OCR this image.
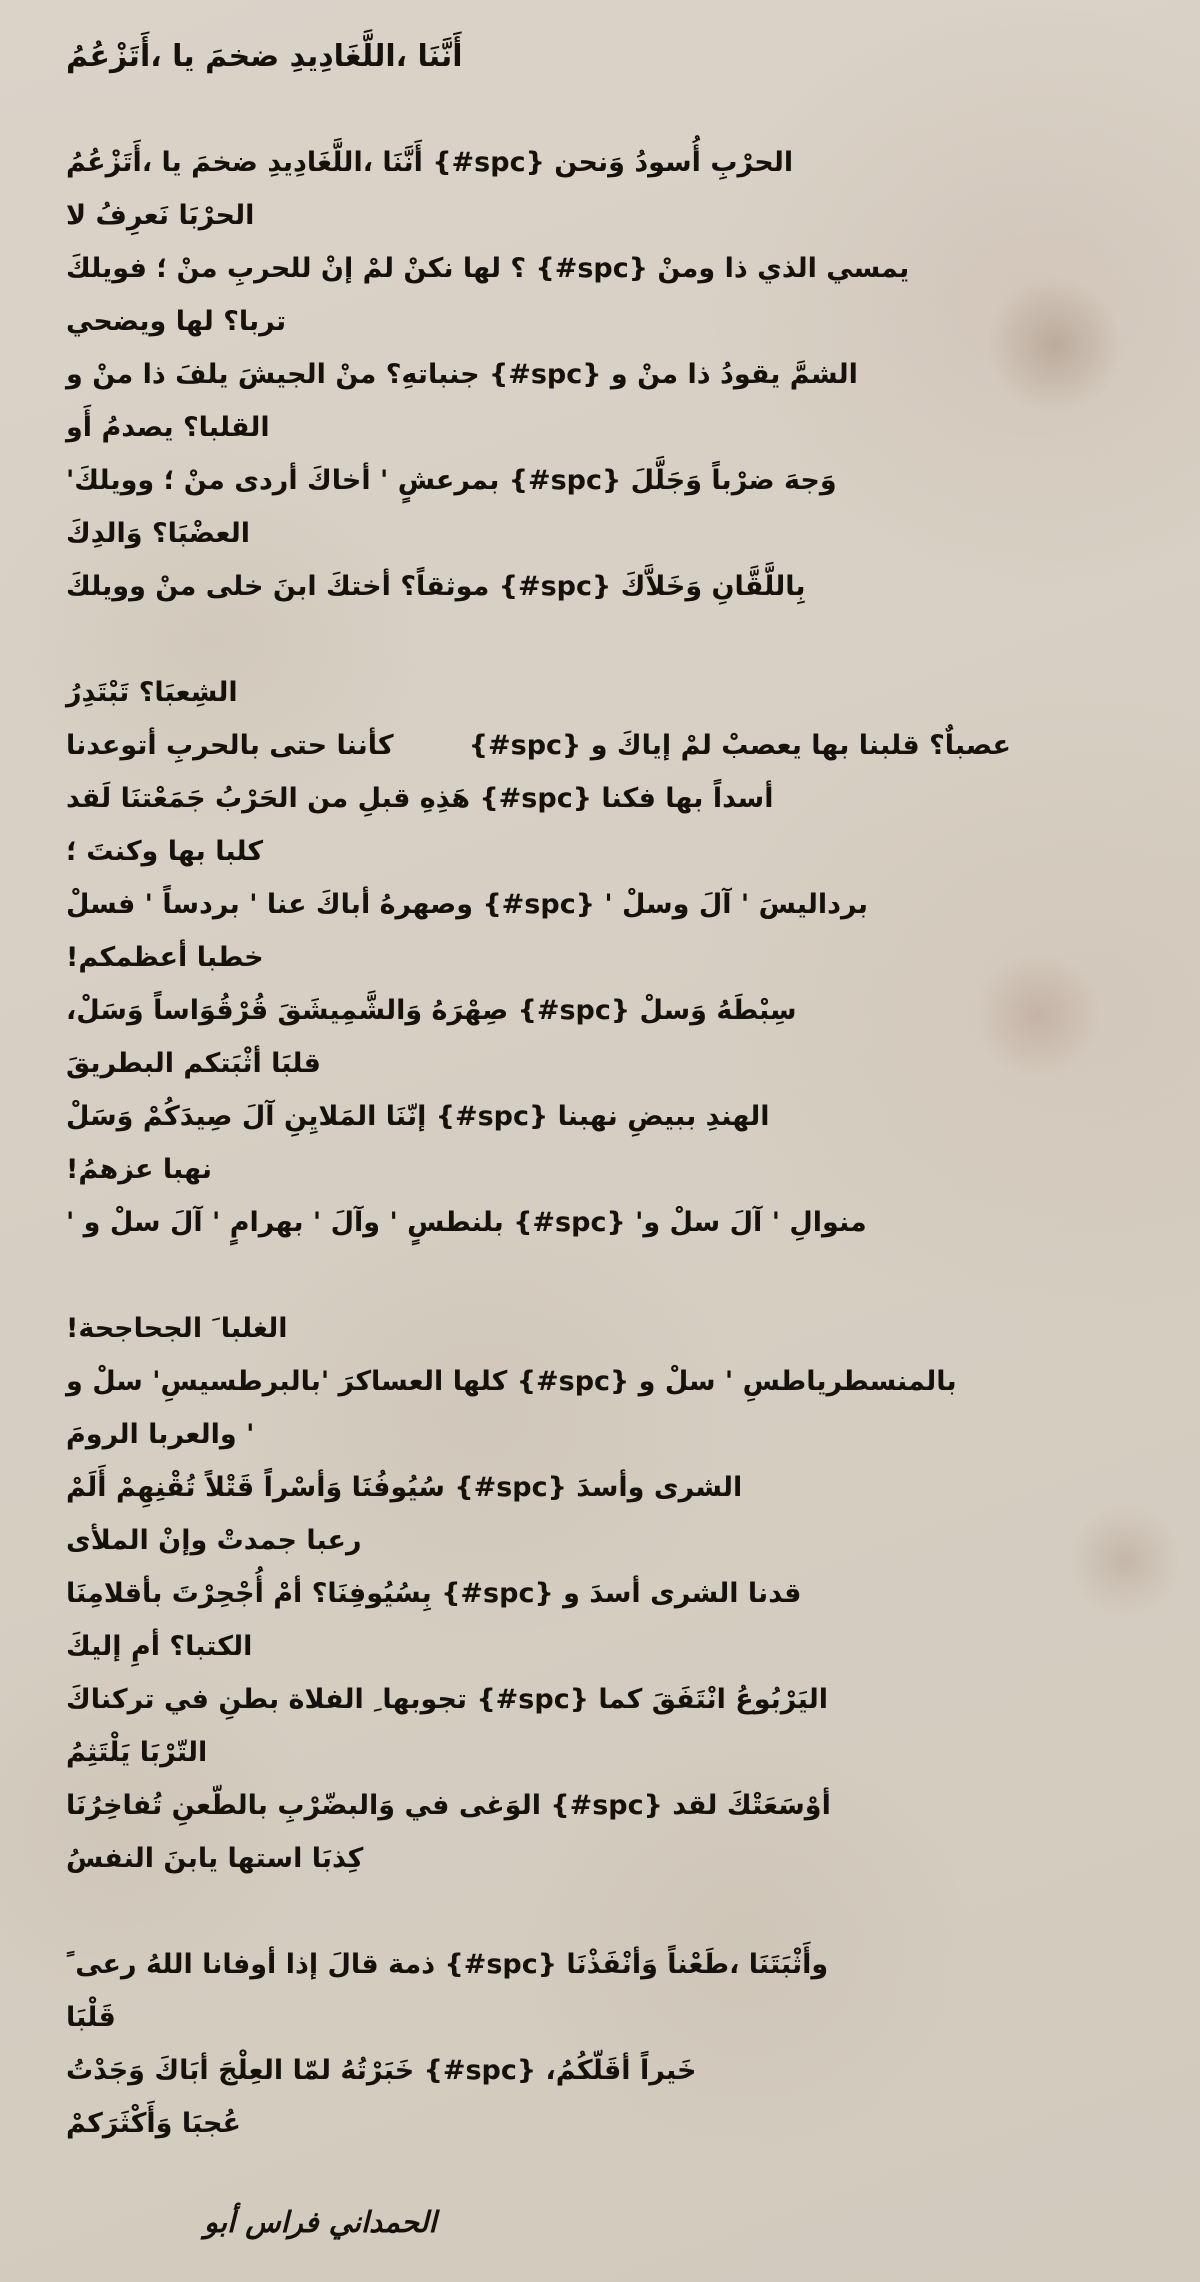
‎أَتَزْعُمُ، ‎يا ‎ضخمَ ‎اللَّغَادِيدِ، ‎أَنَّنَا
‎أَتَزْعُمُ، ‎يا ‎ضخمَ ‎اللَّغَادِيدِ، ‎أَنَّنَا ‎{#spc} ‎وَنحن ‎أُسودُ ‎الحرْبِ
‎لا ‎نَعرِفُ ‎الحرْبَا
‎فويلكَ ‎؛ ‎منْ ‎للحربِ ‎إنْ ‎لمْ ‎نكنْ ‎لها ‎؟ ‎{#spc} ‎ومنْ ‎ذا ‎الذي ‎يمسي
‎ويضحي ‎لها ‎تربا؟
‎و ‎منْ ‎ذا ‎يلفَ ‎الجيشَ ‎منْ ‎جنباتهِ؟ ‎{#spc} ‎و ‎منْ ‎ذا ‎يقودُ ‎الشمَّ
‎أَو ‎يصدمُ ‎القلبا؟
‎'وويلكَ ‎؛ ‎منْ ‎أردى ‎أخاكَ ‎' ‎بمرعشٍ ‎{#spc} ‎وَجَلَّلَ ‎ضرْباً ‎وَجهَ
‎وَالدِكَ ‎العضْبَا؟
‎وويلكَ ‎منْ ‎خلى ‎ابنَ ‎أختكَ ‎موثقاً؟ ‎{#spc} ‎وَخَلاَّكَ ‎بِاللَّقَّانِ
‎تَبْتَدِرُ ‎الشِعبَا؟
‎أتوعدنا ‎بالحربِ ‎حتى ‎كأننا ‎ ‎ ‎ ‎ ‎ ‎ ‎ ‎{#spc} ‎و ‎إياكَ ‎لمْ ‎يعصبْ ‎بها ‎قلبنا ‎عصباٌ؟
‎لَقد ‎جَمَعْتنَا ‎الحَرْبُ ‎من ‎قبلِ ‎هَذِهِ ‎{#spc} ‎فكنا ‎بها ‎أسداً
‎؛ ‎وكنتَ ‎بها ‎كلبا
‎فسلْ ‎' ‎بردساً ‎' ‎عنا ‎أباكَ ‎وصهرهُ ‎{#spc} ‎' ‎وسلْ ‎آلَ ‎' ‎برداليسَ
‎!أعظمكم ‎خطبا
‎،وَسَلْ ‎قُرْقُوَاساً ‎وَالشَّمِيشَقَ ‎صِهْرَهُ ‎{#spc} ‎وَسلْ ‎سِبْطَهُ
‎البطريقَ ‎أثْبَتكم ‎قلبَا
‎وَسَلْ ‎صِيدَكُمْ ‎آلَ ‎المَلايِنِ ‎إنّنَا ‎{#spc} ‎نهبنا ‎ببيضِ ‎الهندِ
‎!عزهمُ ‎نهبا
‎' ‎و ‎سلْ ‎آلَ ‎' ‎بهرامٍ ‎' ‎وآلَ ‎' ‎بلنطسٍ ‎{#spc} ‎'و ‎سلْ ‎آلَ ‎' ‎منوالِ
‎!الجحاجحة ‎َ ‎الغلبا
‎و ‎سلْ ‎'بالبرطسيسِ' ‎العساكرَ ‎كلها ‎{#spc} ‎و ‎سلْ ‎' ‎بالمنسطرياطسِ
‎الرومَ ‎والعربا ‎'
‎أَلَمْ ‎تُقْنِهِمْ ‎قَتْلاً ‎وَأسْراً ‎سُيُوفُنَا ‎{#spc} ‎وأسدَ ‎الشرى
‎الملأى ‎وإنْ ‎جمدتْ ‎رعبا
‎بأقلامِنَا ‎أُجْحِرْتَ ‎أمْ ‎بِسُيُوفِنَا؟ ‎{#spc} ‎و ‎أسدَ ‎الشرى ‎قدنا
‎إليكَ ‎أمِ ‎الكتبا؟
‎تركناكَ ‎في ‎بطنِ ‎الفلاة ‎ِ ‎تجوبها ‎{#spc} ‎كما ‎انْتَفَقَ ‎اليَرْبُوعُ
‎يَلْتَثِمُ ‎التّرْبَا
‎تُفاخِرُنَا ‎بالطّعنِ ‎وَالبضّرْبِ ‎في ‎الوَغى ‎{#spc} ‎لقد ‎أوْسَعَتْكَ
‎النفسُ ‎يابنَ ‎استها ‎كِذبَا
‎ً ‎رعى ‎اللهُ ‎أوفانا ‎إذا ‎قالَ ‎ذمة ‎{#spc} ‎وَأنْفَذْنَا ‎طَعْناً، ‎وأَثْبَتَنَا
‎قَلْبَا
‎وَجَدْتُ ‎أبَاكَ ‎العِلْجَ ‎لمّا ‎خَبَرْتُهُ ‎{#spc} ‎،أقَلّكُمُ ‎خَيراً
‎وَأَكْثَرَكمْ ‎عُجبَا
‎أبو ‎فراس ‎الحمداني
